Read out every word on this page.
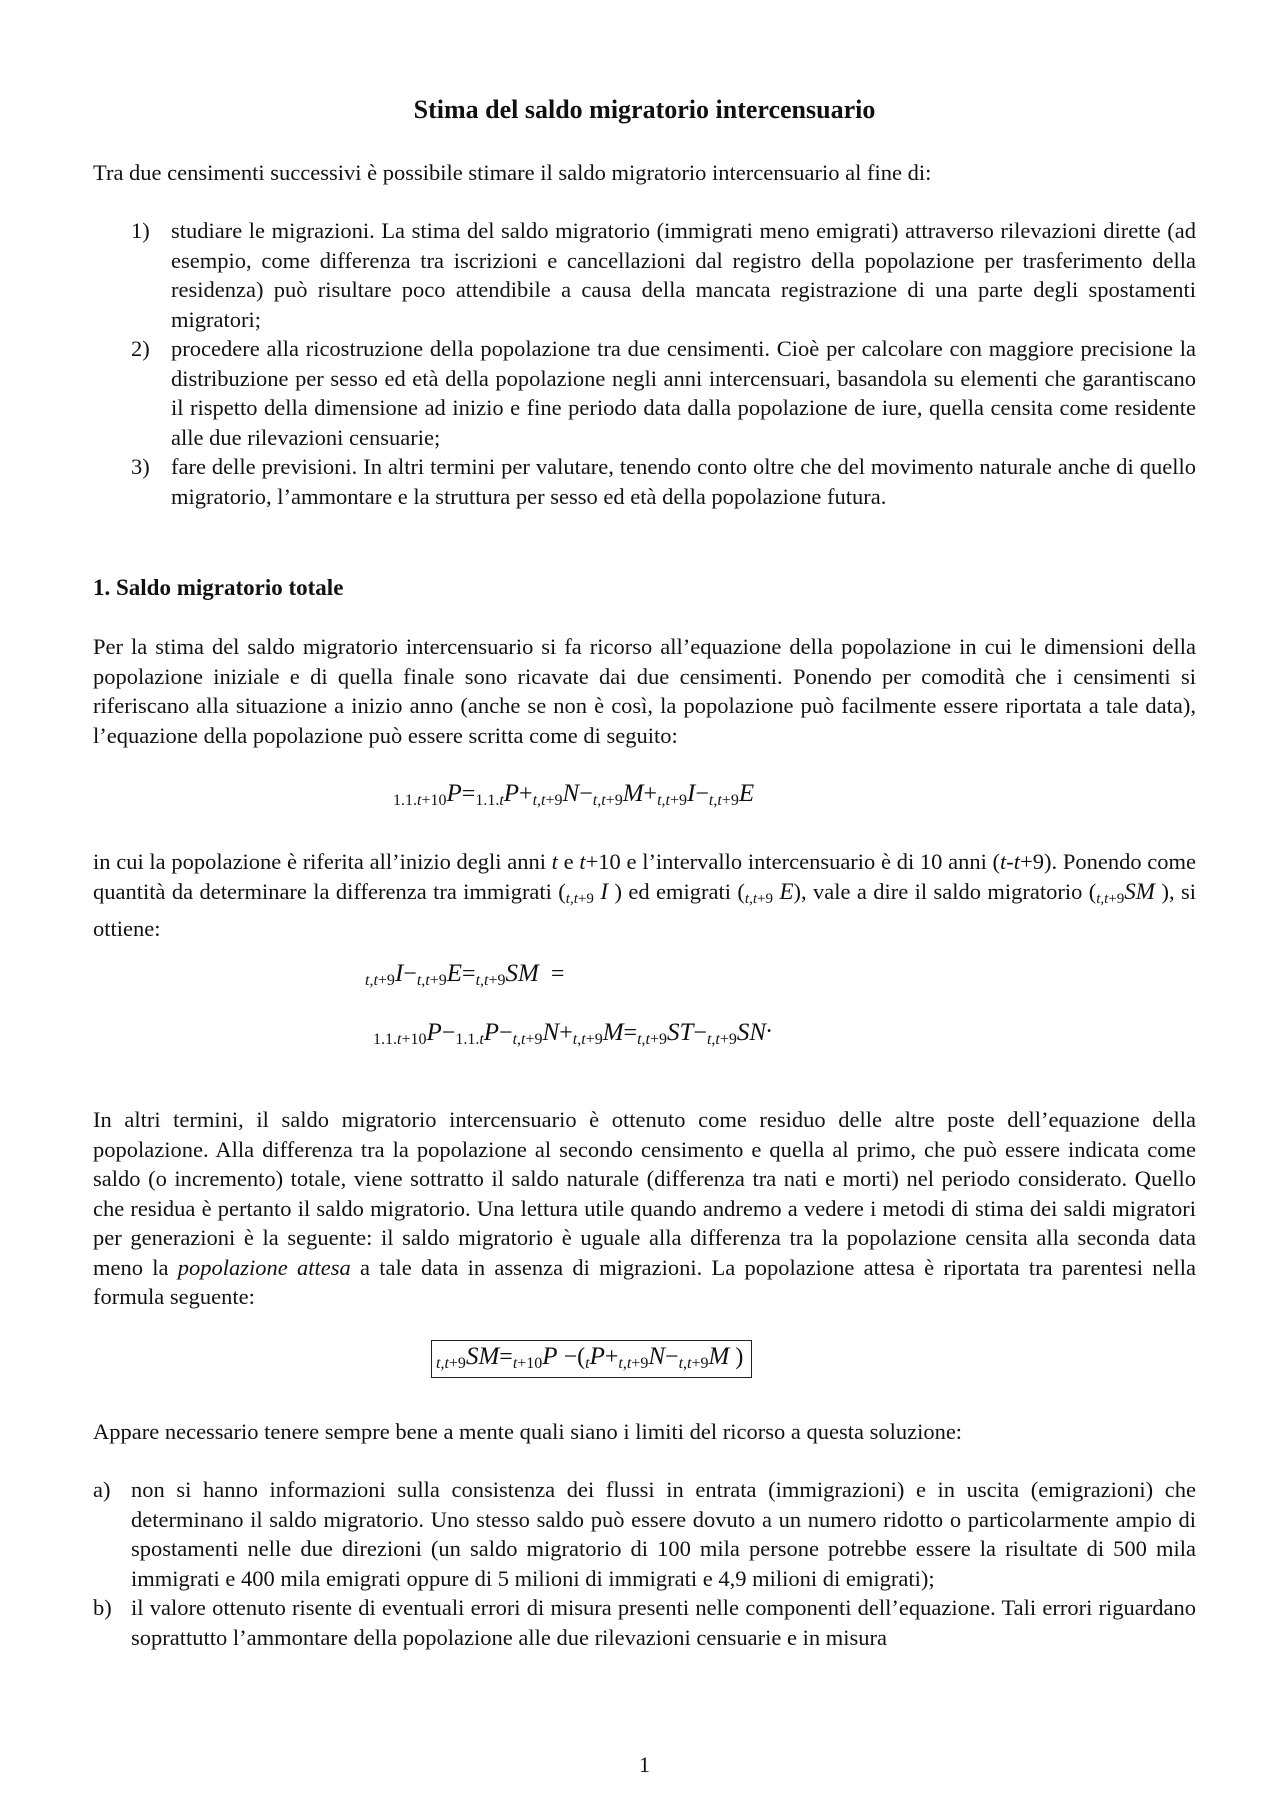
Stima del saldo migratorio intercensuario
Tra due censimenti successivi è possibile stimare il saldo migratorio intercensuario al fine di:
1) studiare le migrazioni. La stima del saldo migratorio (immigrati meno emigrati) attraverso rilevazioni dirette (ad esempio, come differenza tra iscrizioni e cancellazioni dal registro della popolazione per trasferimento della residenza) può risultare poco attendibile a causa della mancata registrazione di una parte degli spostamenti migratori;
2) procedere alla ricostruzione della popolazione tra due censimenti. Cioè per calcolare con maggiore precisione la distribuzione per sesso ed età della popolazione negli anni intercensuari, basandola su elementi che garantiscano il rispetto della dimensione ad inizio e fine periodo data dalla popolazione de iure, quella censita come residente alle due rilevazioni censuarie;
3) fare delle previsioni. In altri termini per valutare, tenendo conto oltre che del movimento naturale anche di quello migratorio, l’ammontare e la struttura per sesso ed età della popolazione futura.
1. Saldo migratorio totale
Per la stima del saldo migratorio intercensuario si fa ricorso all’equazione della popolazione in cui le dimensioni della popolazione iniziale e di quella finale sono ricavate dai due censimenti. Ponendo per comodità che i censimenti si riferiscano alla situazione a inizio anno (anche se non è così, la popolazione può facilmente essere riportata a tale data), l’equazione della popolazione può essere scritta come di seguito:
1.1.t+10P=1.1.tP+t,t+9N−t,t+9M+t,t+9I−t,t+9E
in cui la popolazione è riferita all’inizio degli anni t e t+10 e l’intervallo intercensuario è di 10 anni (t-t+9). Ponendo come quantità da determinare la differenza tra immigrati ($_{t,t+9}$ I ) ed emigrati ($_{t,t+9}$ E), vale a dire il saldo migratorio ($_{t,t+9}SM$ ), si ottiene:
t,t+9I−t,t+9E=t,t+9SM  =
1.1.t+10P−1.1.tP−t,t+9N+t,t+9M=t,t+9ST−t,t+9SN.
In altri termini, il saldo migratorio intercensuario è ottenuto come residuo delle altre poste dell’equazione della popolazione. Alla differenza tra la popolazione al secondo censimento e quella al primo, che può essere indicata come saldo (o incremento) totale, viene sottratto il saldo naturale (differenza tra nati e morti) nel periodo considerato. Quello che residua è pertanto il saldo migratorio. Una lettura utile quando andremo a vedere i metodi di stima dei saldi migratori per generazioni è la seguente: il saldo migratorio è uguale alla differenza tra la popolazione censita alla seconda data meno la popolazione attesa a tale data in assenza di migrazioni. La popolazione attesa è riportata tra parentesi nella formula seguente:
t,t+9SM=t+10P −(tP+t,t+9N−t,t+9M )
Appare necessario tenere sempre bene a mente quali siano i limiti del ricorso a questa soluzione:
a) non si hanno informazioni sulla consistenza dei flussi in entrata (immigrazioni) e in uscita (emigrazioni) che determinano il saldo migratorio. Uno stesso saldo può essere dovuto a un numero ridotto o particolarmente ampio di spostamenti nelle due direzioni (un saldo migratorio di 100 mila persone potrebbe essere la risultate di 500 mila immigrati e 400 mila emigrati oppure di 5 milioni di immigrati e 4,9 milioni di emigrati);
b) il valore ottenuto risente di eventuali errori di misura presenti nelle componenti dell’equazione. Tali errori riguardano soprattutto l’ammontare della popolazione alle due rilevazioni censuarie e in misura
1
